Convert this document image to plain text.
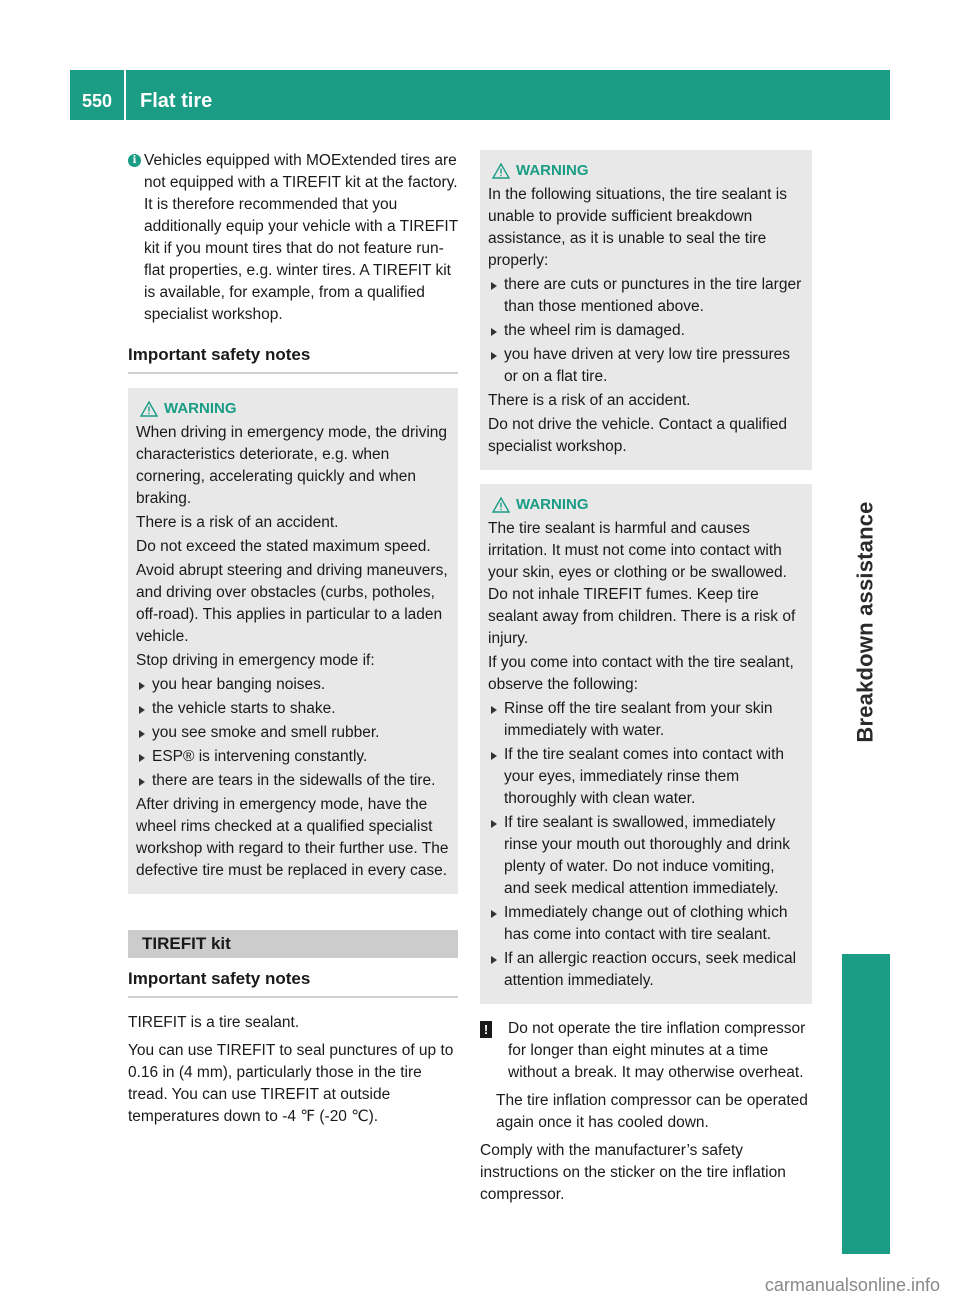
550	Flat tire
Breakdown assistance
i Vehicles equipped with MOExtended tires are not equipped with a TIREFIT kit at the factory. It is therefore recommended that you additionally equip your vehicle with a TIREFIT kit if you mount tires that do not feature run-flat properties, e.g. winter tires. A TIREFIT kit is available, for example, from a qualified specialist workshop.

Important safety notes
WARNING

When driving in emergency mode, the driving characteristics deteriorate, e.g. when cornering, accelerating quickly and when braking.

There is a risk of an accident.

Do not exceed the stated maximum speed.

Avoid abrupt steering and driving maneuvers, and driving over obstacles (curbs, potholes, off-road). This applies in particular to a laden vehicle.

Stop driving in emergency mode if:

you hear banging noises.
the vehicle starts to shake.
you see smoke and smell rubber.
ESP® is intervening constantly.
there are tears in the sidewalls of the tire.

After driving in emergency mode, have the wheel rims checked at a qualified specialist workshop with regard to their further use. The defective tire must be replaced in every case.

TIREFIT kit
Important safety notes

TIREFIT is a tire sealant.

You can use TIREFIT to seal punctures of up to 0.16 in (4 mm), particularly those in the tire tread. You can use TIREFIT at outside temperatures down to ‑4 ℉ (‑20 ℃).

WARNING

In the following situations, the tire sealant is unable to provide sufficient breakdown assistance, as it is unable to seal the tire properly:

there are cuts or punctures in the tire larger than those mentioned above.
the wheel rim is damaged.
you have driven at very low tire pressures or on a flat tire.

There is a risk of an accident.

Do not drive the vehicle. Contact a qualified specialist workshop.

WARNING

The tire sealant is harmful and causes irritation. It must not come into contact with your skin, eyes or clothing or be swallowed. Do not inhale TIREFIT fumes. Keep tire sealant away from children. There is a risk of injury.

If you come into contact with the tire sealant, observe the following:

Rinse off the tire sealant from your skin immediately with water.
If the tire sealant comes into contact with your eyes, immediately rinse them thoroughly with clean water.
If tire sealant is swallowed, immediately rinse your mouth out thoroughly and drink plenty of water. Do not induce vomiting, and seek medical attention immediately.
Immediately change out of clothing which has come into contact with tire sealant.
If an allergic reaction occurs, seek medical attention immediately.
! Do not operate the tire inflation compressor for longer than eight minutes at a time without a break. It may otherwise overheat.

The tire inflation compressor can be operated again once it has cooled down.

Comply with the manufacturer’s safety instructions on the sticker on the tire inflation compressor.

carmanualsonline.info
